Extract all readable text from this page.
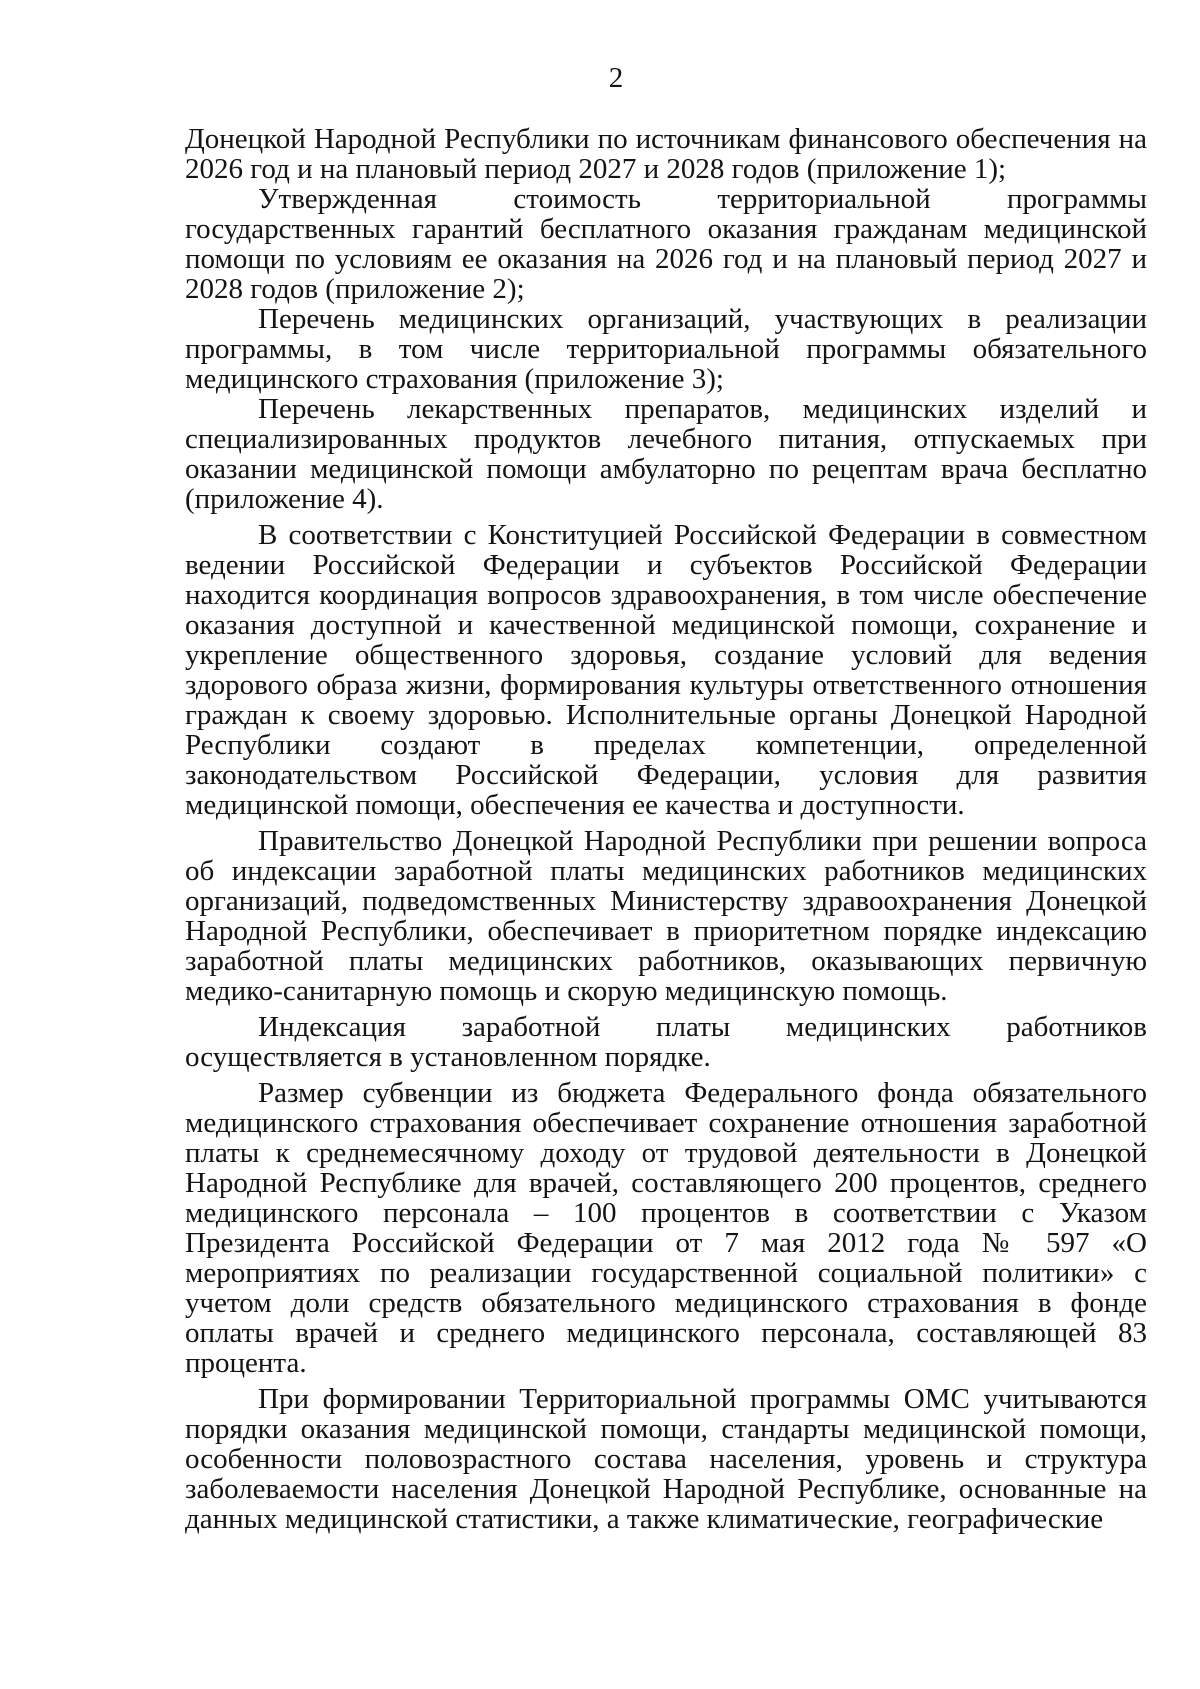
2

Донецкой Народной Республики по источникам финансового обеспечения на 2026 год и на плановый период 2027 и 2028 годов (приложение 1);

Утвержденная стоимость территориальной программы государственных гарантий бесплатного оказания гражданам медицинской помощи по условиям ее оказания на 2026 год и на плановый период 2027 и 2028 годов (приложение 2);

Перечень медицинских организаций, участвующих в реализации программы, в том числе территориальной программы обязательного медицинского страхования (приложение 3);

Перечень лекарственных препаратов, медицинских изделий и специализированных продуктов лечебного питания, отпускаемых при оказании медицинской помощи амбулаторно по рецептам врача бесплатно (приложение 4).

В соответствии с Конституцией Российской Федерации в совместном ведении Российской Федерации и субъектов Российской Федерации находится координация вопросов здравоохранения, в том числе обеспечение оказания доступной и качественной медицинской помощи, сохранение и укрепление общественного здоровья, создание условий для ведения здорового образа жизни, формирования культуры ответственного отношения граждан к своему здоровью. Исполнительные органы Донецкой Народной Республики создают в пределах компетенции, определенной законодательством Российской Федерации, условия для развития медицинской помощи, обеспечения ее качества и доступности.

Правительство Донецкой Народной Республики при решении вопроса об индексации заработной платы медицинских работников медицинских организаций, подведомственных Министерству здравоохранения Донецкой Народной Республики, обеспечивает в приоритетном порядке индексацию заработной платы медицинских работников, оказывающих первичную медико-санитарную помощь и скорую медицинскую помощь.

Индексация заработной платы медицинских работников осуществляется в установленном порядке.

Размер субвенции из бюджета Федерального фонда обязательного медицинского страхования обеспечивает сохранение отношения заработной платы к среднемесячному доходу от трудовой деятельности в Донецкой Народной Республике для врачей, составляющего 200 процентов, среднего медицинского персонала – 100 процентов в соответствии с Указом Президента Российской Федерации от 7 мая 2012 года № 597 «О мероприятиях по реализации государственной социальной политики» с учетом доли средств обязательного медицинского страхования в фонде оплаты врачей и среднего медицинского персонала, составляющей 83 процента.

При формировании Территориальной программы ОМС учитываются порядки оказания медицинской помощи, стандарты медицинской помощи, особенности половозрастного состава населения, уровень и структура заболеваемости населения Донецкой Народной Республике, основанные на данных медицинской статистики, а также климатические, географические
